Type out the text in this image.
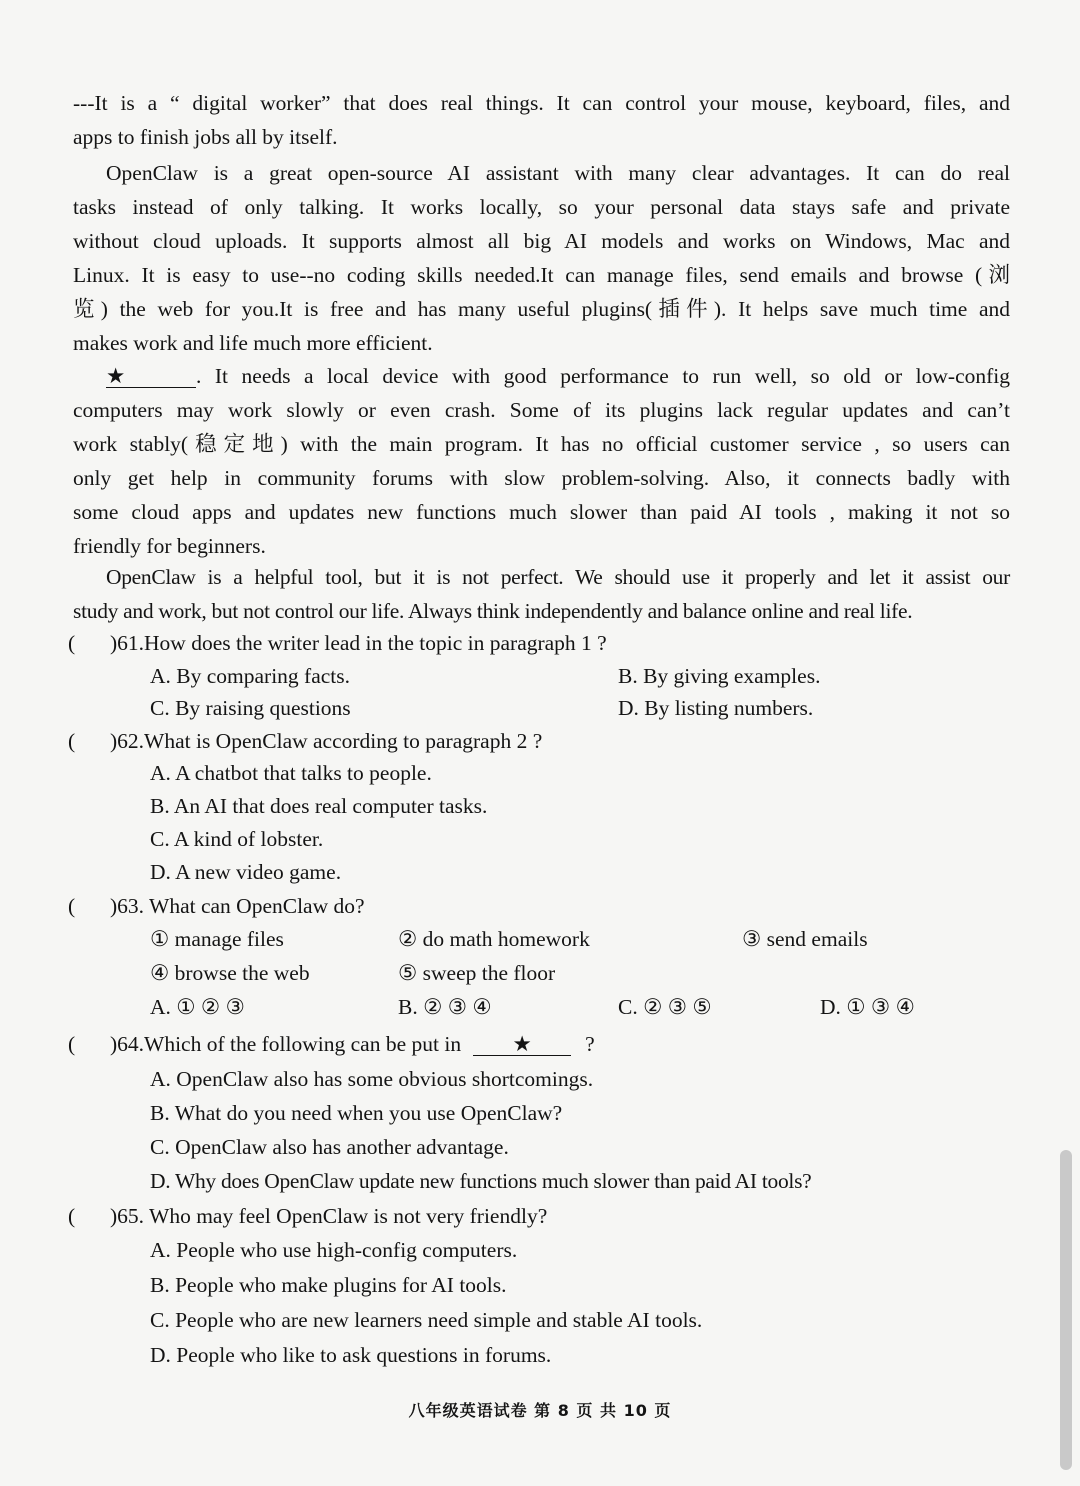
---It is a “ digital worker” that does real things. It can control your mouse, keyboard, files, and
apps to finish jobs all by itself.
OpenClaw is a great open-source AI assistant with many clear advantages. It can do real
tasks instead of only talking. It works locally, so your personal data stays safe and private
without cloud uploads. It supports almost all big AI models and works on Windows, Mac and
Linux. It is easy to use--no coding skills needed.It can manage files, send emails and browse (浏
览) the web for you.It is free and has many useful plugins(插件). It helps save much time and
makes work and life much more efficient.
★	. It needs a local device with good performance to run well, so old or low-config
computers may work slowly or even crash. Some of its plugins lack regular updates and can’t
work stably(稳定地) with the main program. It has no official customer service , so users can
only get help in community forums with slow problem-solving. Also, it connects badly with
some cloud apps and updates new functions much slower than paid AI tools , making it not so
friendly for beginners.
OpenClaw is a helpful tool, but it is not perfect. We should use it properly and let it assist our
study and work, but not control our life. Always think independently and balance online and real life.
( )61.How does the writer lead in the topic in paragraph 1 ?
A. By comparing facts.	B. By giving examples.
C. By raising questions	D. By listing numbers.
( )62.What is OpenClaw according to paragraph 2 ?
A. A chatbot that talks to people.
B. An AI that does real computer tasks.
C. A kind of lobster.
D. A new video game.
( )63. What can OpenClaw do?
① manage files	② do math homework	③ send emails
④ browse the web	⑤ sweep the floor
A. ① ② ③	B. ② ③ ④	C. ② ③ ⑤	D. ① ③ ④
( )64.Which of the following can be put in ★ ?
A. OpenClaw also has some obvious shortcomings.
B. What do you need when you use OpenClaw?
C. OpenClaw also has another advantage.
D. Why does OpenClaw update new functions much slower than paid AI tools?
( )65. Who may feel OpenClaw is not very friendly?
A. People who use high-config computers.
B. People who make plugins for AI tools.
C. People who are new learners need simple and stable AI tools.
D. People who like to ask questions in forums.
八年级英语试卷 第 8 页 共 10 页
